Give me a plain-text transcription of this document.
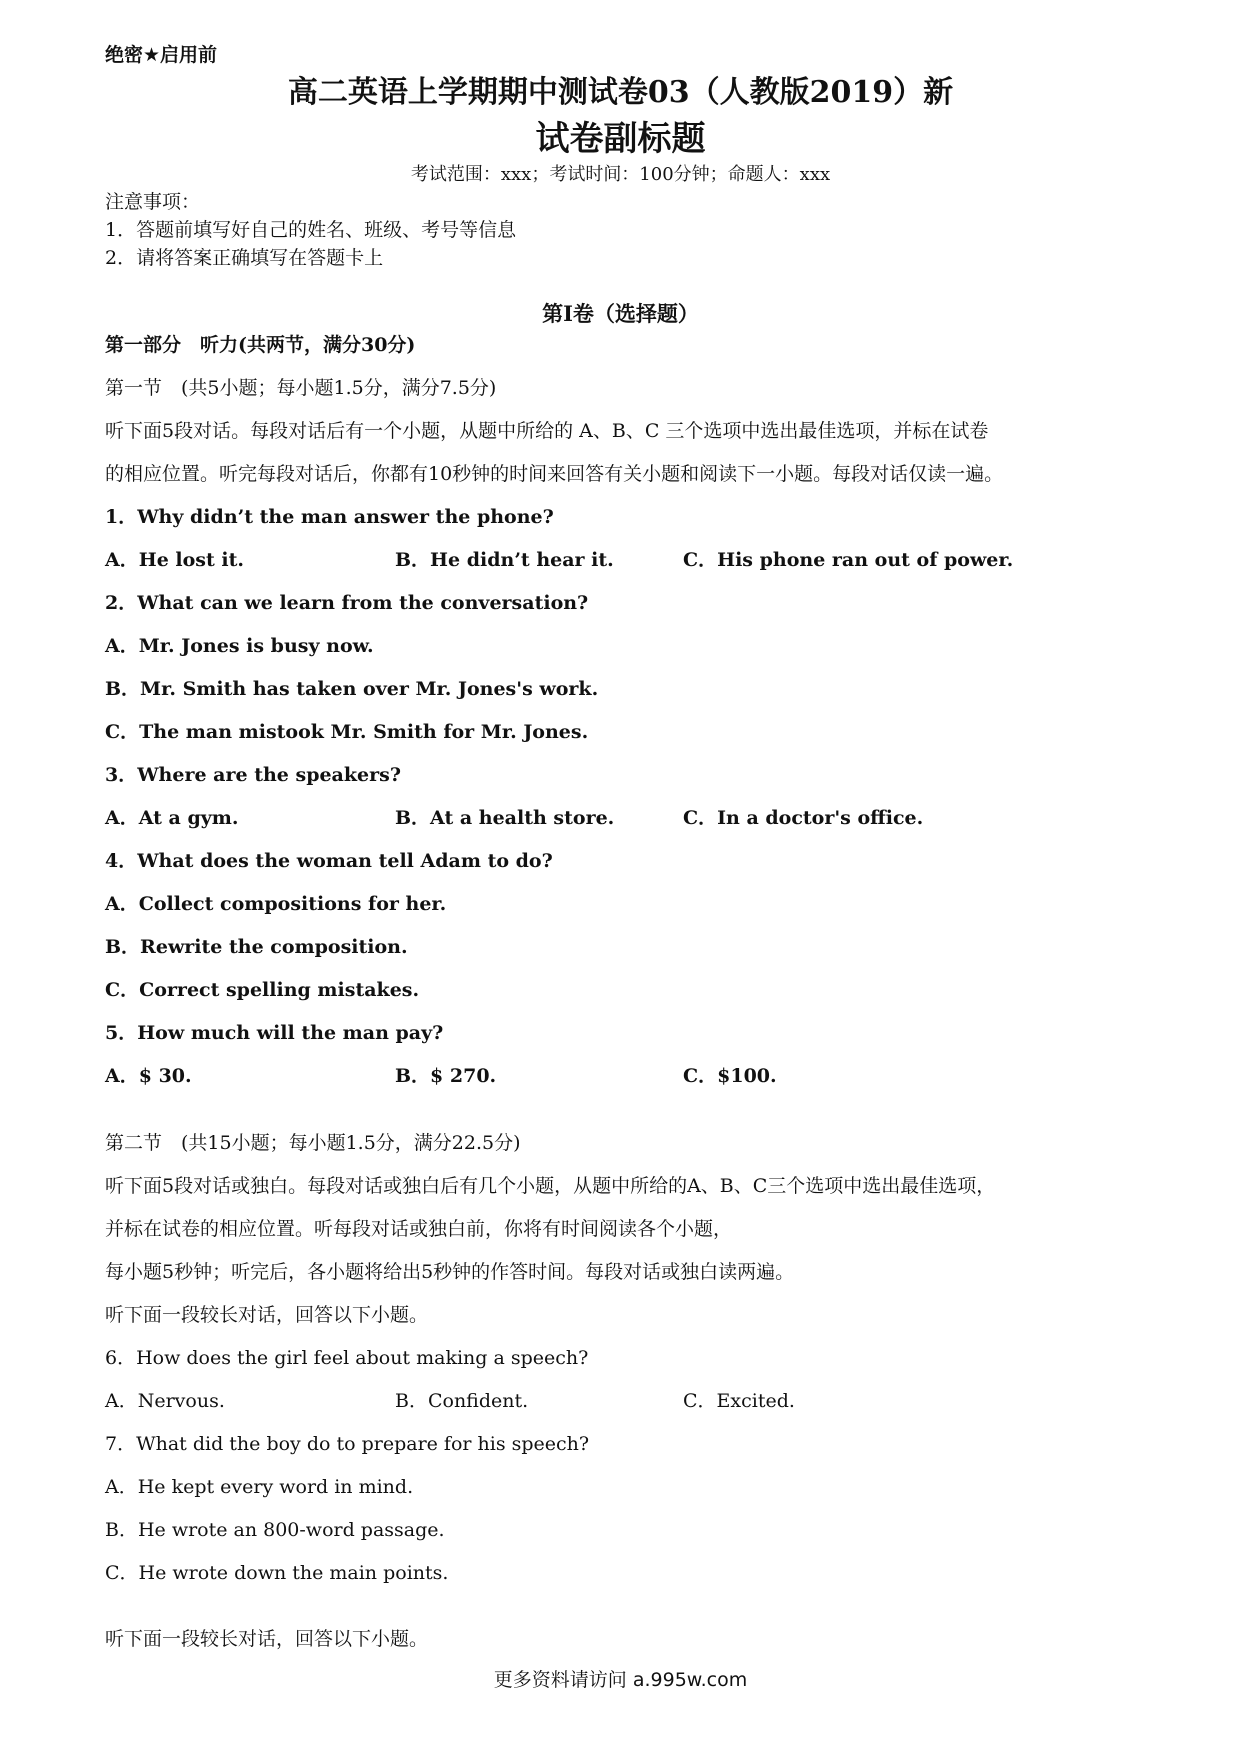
绝密★启用前
高二英语上学期期中测试卷03（人教版2019）新
试卷副标题
考试范围：xxx；考试时间：100分钟；命题人：xxx
注意事项：
1．答题前填写好自己的姓名、班级、考号等信息
2．请将答案正确填写在答题卡上
第I卷（选择题）
第一部分　听力(共两节，满分30分)
第一节　(共5小题；每小题1.5分，满分7.5分)
听下面5段对话。每段对话后有一个小题，从题中所给的 A、B、C 三个选项中选出最佳选项，并标在试卷
的相应位置。听完每段对话后，你都有10秒钟的时间来回答有关小题和阅读下一小题。每段对话仅读一遍。
1．Why didn’t the man answer the phone?
A．He lost it.	B．He didn’t hear it.	C．His phone ran out of power.
2．What can we learn from the conversation?
A．Mr. Jones is busy now.
B．Mr. Smith has taken over Mr. Jones's work.
C．The man mistook Mr. Smith for Mr. Jones.
3．Where are the speakers?
A．At a gym.	B．At a health store.	C．In a doctor's office.
4．What does the woman tell Adam to do?
A．Collect compositions for her.
B．Rewrite the composition.
C．Correct spelling mistakes.
5．How much will the man pay?
A．$ 30.	B．$ 270.	C．$100.
第二节　(共15小题；每小题1.5分，满分22.5分)
听下面5段对话或独白。每段对话或独白后有几个小题，从题中所给的A、B、C三个选项中选出最佳选项，
并标在试卷的相应位置。听每段对话或独白前，你将有时间阅读各个小题，
每小题5秒钟；听完后，各小题将给出5秒钟的作答时间。每段对话或独白读两遍。
听下面一段较长对话，回答以下小题。
6．How does the girl feel about making a speech?
A．Nervous.	B．Confident.	C．Excited.
7．What did the boy do to prepare for his speech?
A．He kept every word in mind.
B．He wrote an 800-word passage.
C．He wrote down the main points.
听下面一段较长对话，回答以下小题。
更多资料请访问 a.995w.com
